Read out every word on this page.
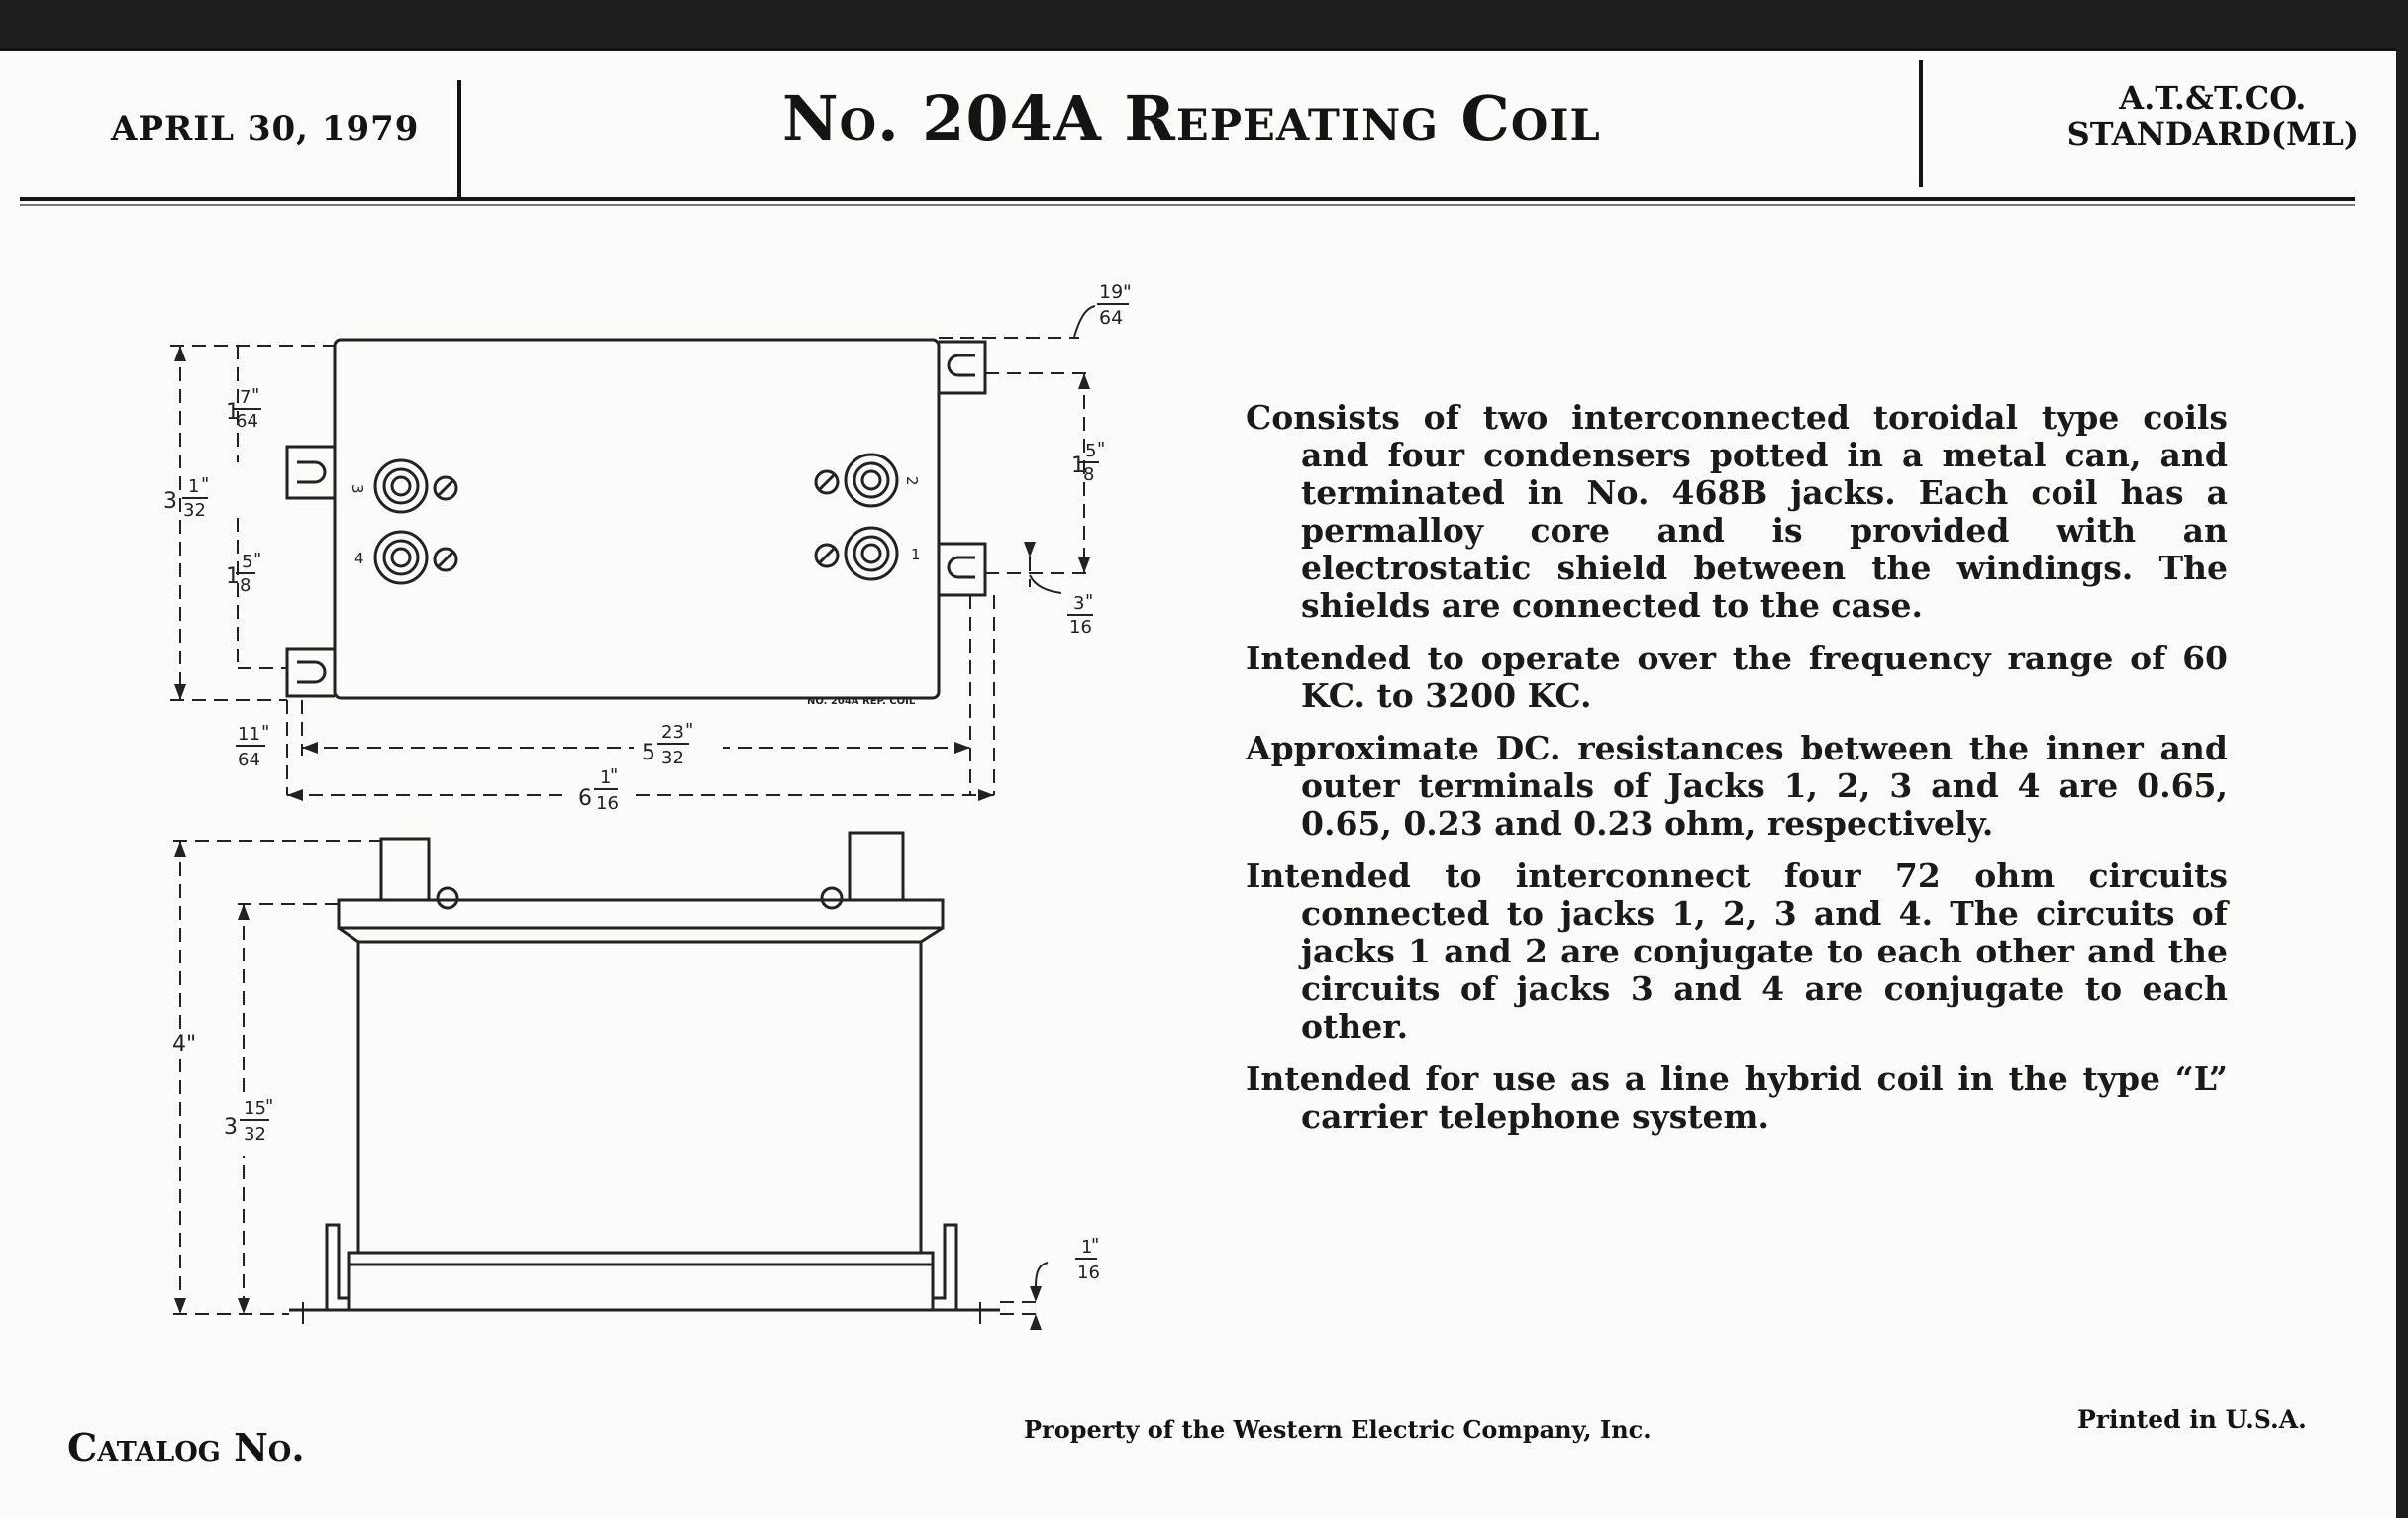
APRIL 30, 1979	No. 204A Repeating Coil	A.T.&T.CO.
STANDARD(ML)
3
4
2
1
NO. 204A REP. COIL
19
64
"
3
1
32
"
1
7
64
"
1
5
8
"
1
5
8
"
3
16
"
11
64
"
5
23
32
"
6
1
16
"
4"
3
15
32
"
1
16
"

Consists of two interconnected toroidal type coils and four condensers potted in a metal can, and terminated in No. 468B jacks. Each coil has a permalloy core and is provided with an electrostatic shield between the windings. The shields are connected to the case.

Intended to operate over the frequency range of 60 KC. to 3200 KC.

Approximate DC. resistances between the inner and outer terminals of Jacks 1, 2, 3 and 4 are 0.65, 0.65, 0.23 and 0.23 ohm, respectively.

Intended to interconnect four 72 ohm circuits connected to jacks 1, 2, 3 and 4. The circuits of jacks 1 and 2 are conjugate to each other and the circuits of jacks 3 and 4 are conjugate to each other.

Intended for use as a line hybrid coil in the type “L” carrier telephone system.

Catalog No.	Property of the Western Electric Company, Inc.	Printed in U.S.A.
